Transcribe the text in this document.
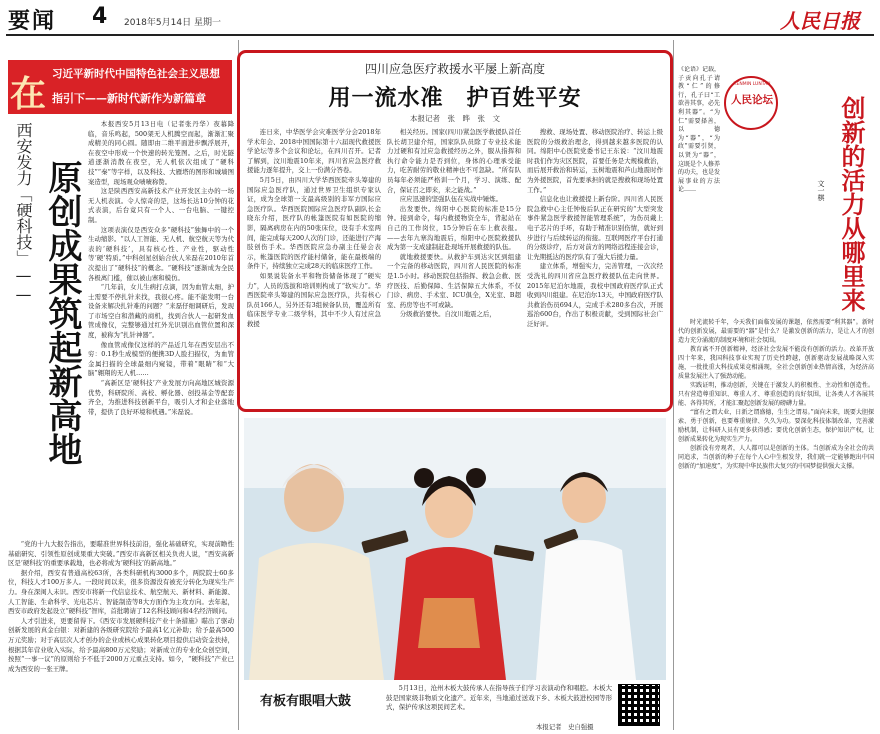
要闻 4 2018年5月14日 星期一	人民日报
在 习近平新时代中国特色社会主义思想
指引下——新时代新作为新篇章
西安发力「硬科技」—— 原创成果筑起新高地

本报西安5月13日电（记者张丹华）夜幕降临，音乐鸣起，500架无人机腾空而起，渐渐汇聚成精美的同心圆。随即由二维平面进步飘浮展开，在夜空中形成一个快速的转光笼图。之后，时光隧道逐渐消散在夜空，无人机依次组成了“硬科技”“秦”等字样，以及科技、大雁塔的图形和城墙图案造型，现场观众啧啧称赞。

这是陕西西安高新技术产业开发区主办的一场无人机表演。令人惊奇的是，这场长达10分钟的花式表演，后台竟只有一个人、一台电脑、一键控制。

这项表演仅是西安众多“硬科技”独舞中的一个生动缩影。“以人工智能、无人机、航空航天等为代表的‘硬科技’，具有核心性、产业性，驱动性等‘硬’特质。”中科创星创始合伙人米磊在2010年首次提出了“硬科技”的概念。“硬科技”逐渐成为全民各极离门槛，催以被山寨和模仿。

“几年前，女儿生病打点滴，因为血管太细，护士需要不停扎针来找，我很心疼。能不能发明一台设备来解决扎针难的问题？”来磊仔细调研后，发现了市场空白和潜藏的商机，找到合伙人一起研发血管成像仪，完整够通过红外光识别出血管位置和深度，被称为“扎针神器”。

像血管成像仪这样的产品近几年在西安层出不穷：0.1秒生成模型的便携3D人脸扫描仪，为血管金属扫描的全球最细内窥镜，带着“眼睛”和“大脑”翱翔的无人机……

“高新区是‘硬科技’产业发展方向高地区城资源优势，科研院所、高校、孵化器、创投基金等配套齐全，为推进科技创新平台，吸引人才和企业落地带，提供了良好环境和机遇。”米磊说。

“党的十九大报告指出，要瞄准世界科技前沿，强化基础研究，实现前瞻性基础研究、引领性原创成果重大突破。”西安市高新区相关负责人说，“西安高新区是‘硬科技’的重要承载地，也必将成为‘硬科技’的新高地。”

据介绍，西安有普通高校63所，各类科研机构3000多个，两院院士60多位，科技人才100万多人。一段时间以来，很多资源没有被充分转化为现实生产力。身在深闺人未识。西安市将新一代信息技术、航空航天、新材料、新能源、人工智能、生命科学、光电芯片、智能制造等8大方面作为主攻方向。去年起，西安市政府发起设立“硬科技”智库，首批聘请了12名科技顾问和4名经济顾问。

人才引进来，更要留得下。《西安市发展硬科技产业十条措施》瞄出了驱动创新发展的真金白银：对新建的各级研究院给予最高1亿元补助；给予最高500万元奖励；对于高层次人才创办的企业或核心成果转化项目提供启动资金扶持，根据其年营业收入实际，给予最高800万元奖励；对新成立的专业化众创空间，按照“一事一议”的原则给予不低于2000万元重点支持。如今，“硬科技”产业已成为西安的一张王牌。

四川应急医疗救援水平屡上新高度
用一流水准　护百姓平安
本报记者　张　晔　张　文

连日来，中华医学会灾难医学分会2018年学术年会、2018中国国际第十六届现代救援医学论坛等多个会议和论坛，在四川召开。记者了解到，汶川地震10年来，四川省应急医疗救援能力逐年提升，交上一份满分答卷。

5月5日，由四川大学华西医院牵头筹建的国际应急医疗队，通过世界卫生组织专家认证，成为全球第一支最高级别的非军方国际应急医疗队。华西医院国际应急医疗队副队长金晓东介绍，医疗队的帐篷医院有如医院的缩影，隔离病房在内的50张床位，设有手术室两间，能完成每天200人次的门诊，还能进行产海肢创伤手术。华西医院应急办副主任晏会表示，帐篷医院的医疗能村储备，能在最极端的条件下，持续独立完成28天的临床医疗工作。

如果说装备水平和物资储备体现了“硬实力”，人员的选拔和培训则构成了“软实力”。华西医院牵头筹建的国际应急医疗队，共有核心队员166人，另外还有3组候备队员，覆盖所有临床医学专业二级学科，其中不少人有过应急救援

相关经历。国家(四川)紧急医学救援队首任队长胡卫建介绍，国家队队员除了专业技术能力过硬和有过应急救援经历之外，服从指挥和执行命令能力是否到位，身体的心理承受能力，吃苦耐劳的敬业精神也不可忽缺。“所有队员每年必须能严格训一个月，学习、演练、配合，保证召之即来，来之能战。”

应应迅速的坚强队伍在实战中锤炼。

出发要快。绵阳中心医院的标准是15分钟。接到命令，每内救援物资全车，背起站在自己的工作岗位，15分钟后在车上救表报。——去年九寨沟地震后，绵阳中心医院救援队成为第一支成建制赶赴现场开展救援的队伍。

就地救援要快。从救护车到达灾区到组建一个完备的移动医院，四川省人民医院的标准是1.5小时。移动医院包括指挥、救急会救、医疗医技、后勤保障、生活保障五大体系，不仅门诊、病房、手术室、ICU俱全，X光室、B超室、药房等也不可或缺。

分级救治要快。自汶川地震之后，

搜救、现场处置、移动医院治疗、转运上级医院的分级救治理念，得到越来越多医院的认同。绵阳中心医院党委书记王东说：“汶川地震时我们作为灾区医院，首要任务是大规模救治，而后展开救治和转运，玉树地震和芦山地震时作为外援医院，首先要承担的就是搜救和现场处置工作。”

信息化也让救援提上新台阶。四川省人民医院急救中心主任钟俊后队正在研究的“大型突发事件紧急医学救援智能管理系统”，为伤员戴上电子芯片的手环，有助于精准识别伤情，就好到步进行与后续转运的衔接。互联网医疗平台打通的分级诊疗，后方对前方的网络远程连接会诊，让先期抵达的医疗队有了强大后援力量。

建立体系，增强实力，完善管理，一次次经受洗礼的四川省应急医疗救援队伍走向世界。2015年尼泊尔地震，我校中国政府医疗队正式收到四川组建。在尼泊尔13天，中国政府医疗队共救治伤员694人，完成手术280多台次，开展巡治600台，作出了积极贡献，受到国际社会广泛好评。

有板有眼唱大鼓
5月13日，沧州木板大鼓传承人在指导孩子们学习表演动作和唱腔。木板大鼓是国家级非物质文化遗产。近年来，当地通过送戏下乡、木板大鼓进校园等形式，保护传承这项民间艺术。
本报记者　史自强摄
RENMIN LUNTAN
人民论坛
《论语》记载，子贡向孔子请教“仁”的修行，孔子曰“工欲善其事，必先利其器”。“为仁”需要择善，以德为“器”，“为政”需要引贤，以贤为“器”，这既是个人修养的功夫，也是发展事业的方法论……	创新的活力从哪里来
文一棋

时光流转千年，今天我们面临发展的课题，依然需要“利其器”。新时代的创新发展，最需要的“器”是什么？是激发创新的活力，是让人才的创造力充分涌流的制度环境和社会氛围。

教育离不开创新精神，经济社会发展不能没有创新的活力。改革开放四十年来，我国科技事业实现了历史性跨越，创新驱动发展战略深入实施，一批批重大科技成果竞相涌现，全社会创新创业热情高涨，为经济高质量发展注入了强劲动能。

实践证明，推动创新，关键在于激发人的积极性、主动性和创造性。只有营造尊重知识、尊重人才、尊重创造的良好氛围，让各类人才各展其能、各得其所，才能汇聚起创新发展的磅礴力量。

“富有之谓大业，日新之谓盛德，生生之谓易。”面向未来，既要大胆探索、勇于创新，也要尊重规律、久久为功。要深化科技体制改革，完善激励机制，让科研人员有更多获得感；要优化创新生态，保护知识产权，让创新成果转化为现实生产力。

创新没有旁观者，人人都可以是创新的主体。当创新成为全社会的共同追求，当创新的种子在每个人心中生根发芽，我们就一定能够跑出中国创新的“加速度”，为实现中华民族伟大复兴的中国梦提供强大支撑。
